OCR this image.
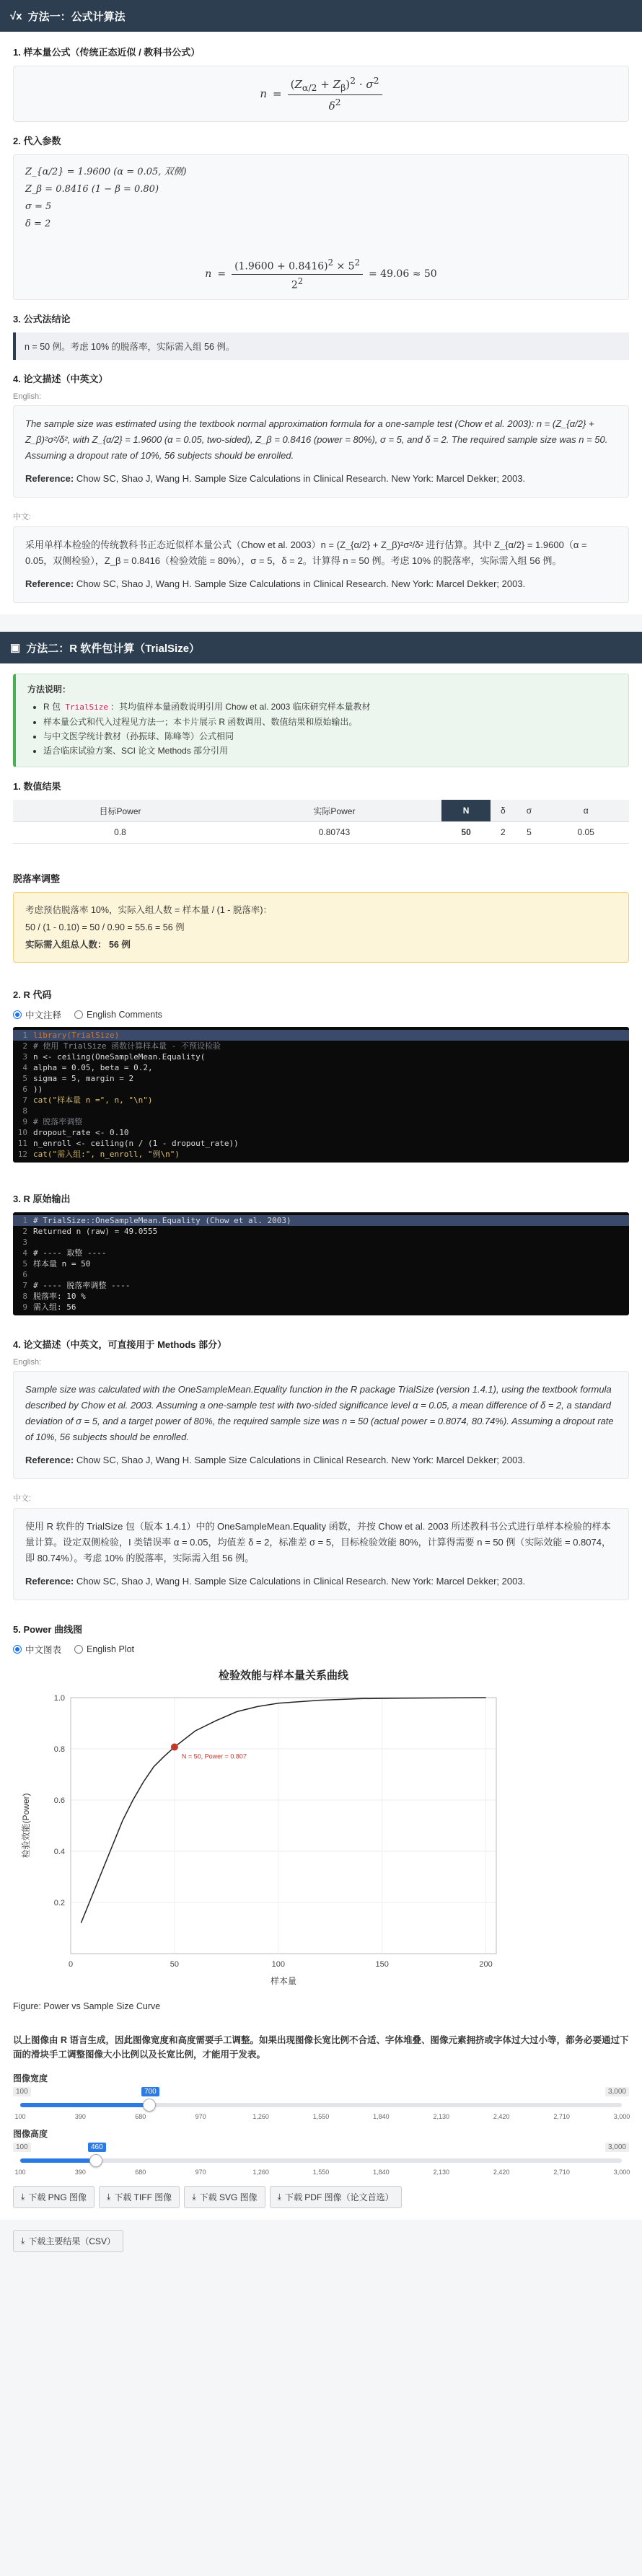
√x 方法一：公式计算法
1. 样本量公式（传统正态近似 / 教科书公式）
$n = \frac{(Z_{\alpha/2} + Z_\beta)^2 \cdot \sigma^2}{\delta^2}$
2. 代入参数
Z_{α/2} = 1.9600 (α = 0.05, 双侧)
Z_β = 0.8416 (1 − β = 0.80)
σ = 5
δ = 2
$n = \frac{(1.9600 + 0.8416)^2 \times 5^2}{2^2} = 49.06 \approx 50$
3. 公式法结论
n = 50 例。考虑 10% 的脱落率，实际需入组 56 例。
4. 论文描述（中英文）
English:
The sample size was estimated using the textbook normal approximation formula for a one-sample test (Chow et al. 2003): n = (Z_{α/2} + Z_β)²σ²/δ², with Z_{α/2} = 1.9600 (α = 0.05, two-sided), Z_β = 0.8416 (power = 80%), σ = 5, and δ = 2. The required sample size was n = 50. Assuming a dropout rate of 10%, 56 subjects should be enrolled.
Reference: Chow SC, Shao J, Wang H. Sample Size Calculations in Clinical Research. New York: Marcel Dekker; 2003.
中文:
采用单样本检验的传统教科书正态近似样本量公式（Chow et al. 2003）n = (Z_{α/2} + Z_β)²σ²/δ² 进行估算。其中 Z_{α/2} = 1.9600（α = 0.05，双侧检验），Z_β = 0.8416（检验效能 = 80%），σ = 5，δ = 2。计算得 n = 50 例。考虑 10% 的脱落率，实际需入组 56 例。
Reference: Chow SC, Shao J, Wang H. Sample Size Calculations in Clinical Research. New York: Marcel Dekker; 2003.
▣ 方法二：R 软件包计算（TrialSize）
方法说明：
• R 包 TrialSize ：其均值样本量函数说明引用 Chow et al. 2003 临床研究样本量教材
• 样本量公式和代入过程见方法一；本卡片展示 R 函数调用、数值结果和原始输出。
• 与中文医学统计教材（孙振球、陈峰等）公式相同
• 适合临床试验方案、SCI 论文 Methods 部分引用
1. 数值结果
目标Power	实际Power	N	δ	σ	α
0.8	0.80743	50	2	5	0.05
脱落率调整
考虑预估脱落率 10%，实际入组人数 = 样本量 / (1 - 脱落率)：
50 / (1 - 0.10) = 50 / 0.90 = 55.6 = 56 例
实际需入组总人数： 56 例
2. R 代码
中文注释	English Comments
1 library(TrialSize)
2 # 使用 TrialSize 函数计算样本量 - 不预设检验
3 n <- ceiling(OneSampleMean.Equality(
4 alpha = 0.05, beta = 0.2,
5 sigma = 5, margin = 2
6 ))
7 cat("样本量 n =", n, "\n")
8
9 # 脱落率调整
10 dropout_rate <- 0.10
11 n_enroll <- ceiling(n / (1 - dropout_rate))
12 cat("需入组:", n_enroll, "例\n")
3. R 原始输出
1 # TrialSize::OneSampleMean.Equality (Chow et al. 2003)
2 Returned n (raw) = 49.0555
3
4 # ---- 取整 ----
5 样本量 n = 50
6
7 # ---- 脱落率调整 ----
8 脱落率: 10 %
9 需入组: 56
4. 论文描述（中英文，可直接用于 Methods 部分）
English:
Sample size was calculated with the OneSampleMean.Equality function in the R package TrialSize (version 1.4.1), using the textbook formula described by Chow et al. 2003. Assuming a one-sample test with two-sided significance level α = 0.05, a mean difference of δ = 2, a standard deviation of σ = 5, and a target power of 80%, the required sample size was n = 50 (actual power = 0.8074, 80.74%). Assuming a dropout rate of 10%, 56 subjects should be enrolled.
Reference: Chow SC, Shao J, Wang H. Sample Size Calculations in Clinical Research. New York: Marcel Dekker; 2003.
中文:
使用 R 软件的 TrialSize 包（版本 1.4.1）中的 OneSampleMean.Equality 函数，并按 Chow et al. 2003 所述教科书公式进行单样本检验的样本量计算。设定双侧检验，I 类错误率 α = 0.05，均值差 δ = 2，标准差 σ = 5，目标检验效能 80%，计算得需要 n = 50 例（实际效能 = 0.8074，即 80.74%）。考虑 10% 的脱落率，实际需入组 56 例。
Reference: Chow SC, Shao J, Wang H. Sample Size Calculations in Clinical Research. New York: Marcel Dekker; 2003.
5. Power 曲线图
中文图表	English Plot
检验效能与样本量关系曲线
0.2
0.4
0.6
0.8
1.0
0	50	100	150	200
样本量
检验效能(Power)
N = 50, Power = 0.807
Figure: Power vs Sample Size Curve
以上图像由 R 语言生成，因此图像宽度和高度需要手工调整。如果出现图像长宽比例不合适、字体堆叠、图像元素拥挤或字体过大过小等，都务必要通过下面的滑块手工调整图像大小比例以及长宽比例，才能用于发表。
图像宽度
100	3,000
700
100	390	680	970	1,260	1,550	1,840	2,130	2,420	2,710	3,000
图像高度
100	3,000
460
100	390	680	970	1,260	1,550	1,840	2,130	2,420	2,710	3,000
⤓ 下载 PNG 图像 ⤓ 下载 TIFF 图像 ⤓ 下载 SVG 图像 ⤓ 下载 PDF 图像（论文首选）
⤓ 下载主要结果（CSV）
